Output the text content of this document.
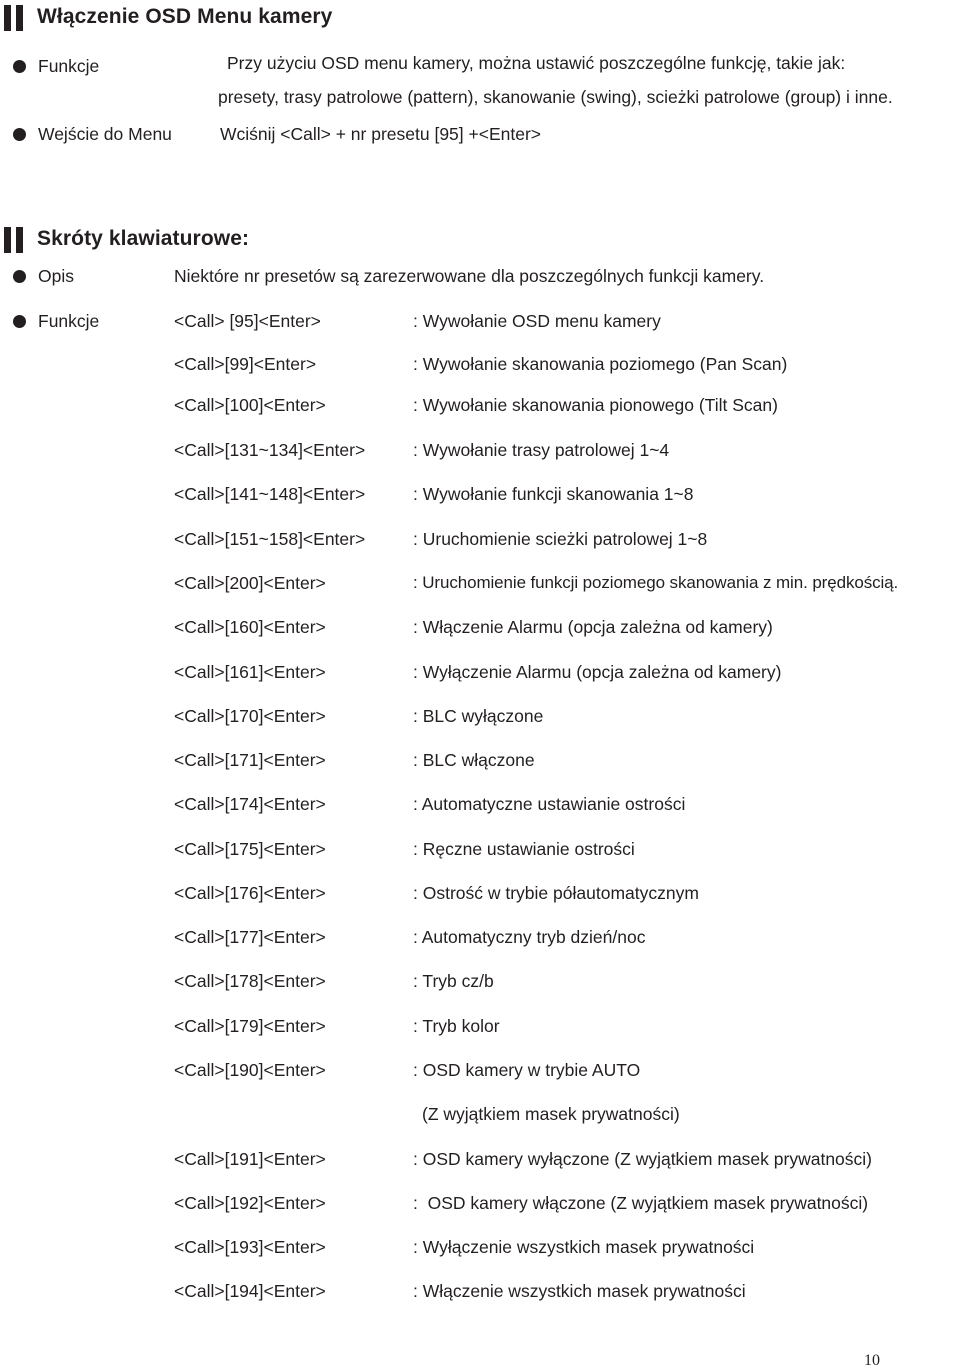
Włączenie OSD Menu kamery
Funkcje	Przy użyciu OSD menu kamery, można ustawić poszczególne funkcję, takie jak:
presety, trasy patrolowe (pattern), skanowanie (swing), scieżki patrolowe (group) i inne.
Wejście do Menu	Wciśnij <Call> + nr presetu [95] +<Enter>
Skróty klawiaturowe:
Opis	Niektóre nr presetów są zarezerwowane dla poszczególnych funkcji kamery.
Funkcje	<Call> [95]<Enter>	: Wywołanie OSD menu kamery
<Call>[99]<Enter>	: Wywołanie skanowania poziomego (Pan Scan)
<Call>[100]<Enter>	: Wywołanie skanowania pionowego (Tilt Scan)
<Call>[131~134]<Enter>	: Wywołanie trasy patrolowej 1~4
<Call>[141~148]<Enter>	: Wywołanie funkcji skanowania 1~8
<Call>[151~158]<Enter>	: Uruchomienie scieżki patrolowej 1~8
<Call>[200]<Enter>	: Uruchomienie funkcji poziomego skanowania z min. prędkością.
<Call>[160]<Enter>	: Włączenie Alarmu (opcja zależna od kamery)
<Call>[161]<Enter>	: Wyłączenie Alarmu (opcja zależna od kamery)
<Call>[170]<Enter>	: BLC wyłączone
<Call>[171]<Enter>	: BLC włączone
<Call>[174]<Enter>	: Automatyczne ustawianie ostrości
<Call>[175]<Enter>	: Ręczne ustawianie ostrości
<Call>[176]<Enter>	: Ostrość w trybie półautomatycznym
<Call>[177]<Enter>	: Automatyczny tryb dzień/noc
<Call>[178]<Enter>	: Tryb cz/b
<Call>[179]<Enter>	: Tryb kolor
<Call>[190]<Enter>	: OSD kamery w trybie AUTO
(Z wyjątkiem masek prywatności)
<Call>[191]<Enter>	: OSD kamery wyłączone (Z wyjątkiem masek prywatności)
<Call>[192]<Enter>	:  OSD kamery włączone (Z wyjątkiem masek prywatności)
<Call>[193]<Enter>	: Wyłączenie wszystkich masek prywatności
<Call>[194]<Enter>	: Włączenie wszystkich masek prywatności
10
